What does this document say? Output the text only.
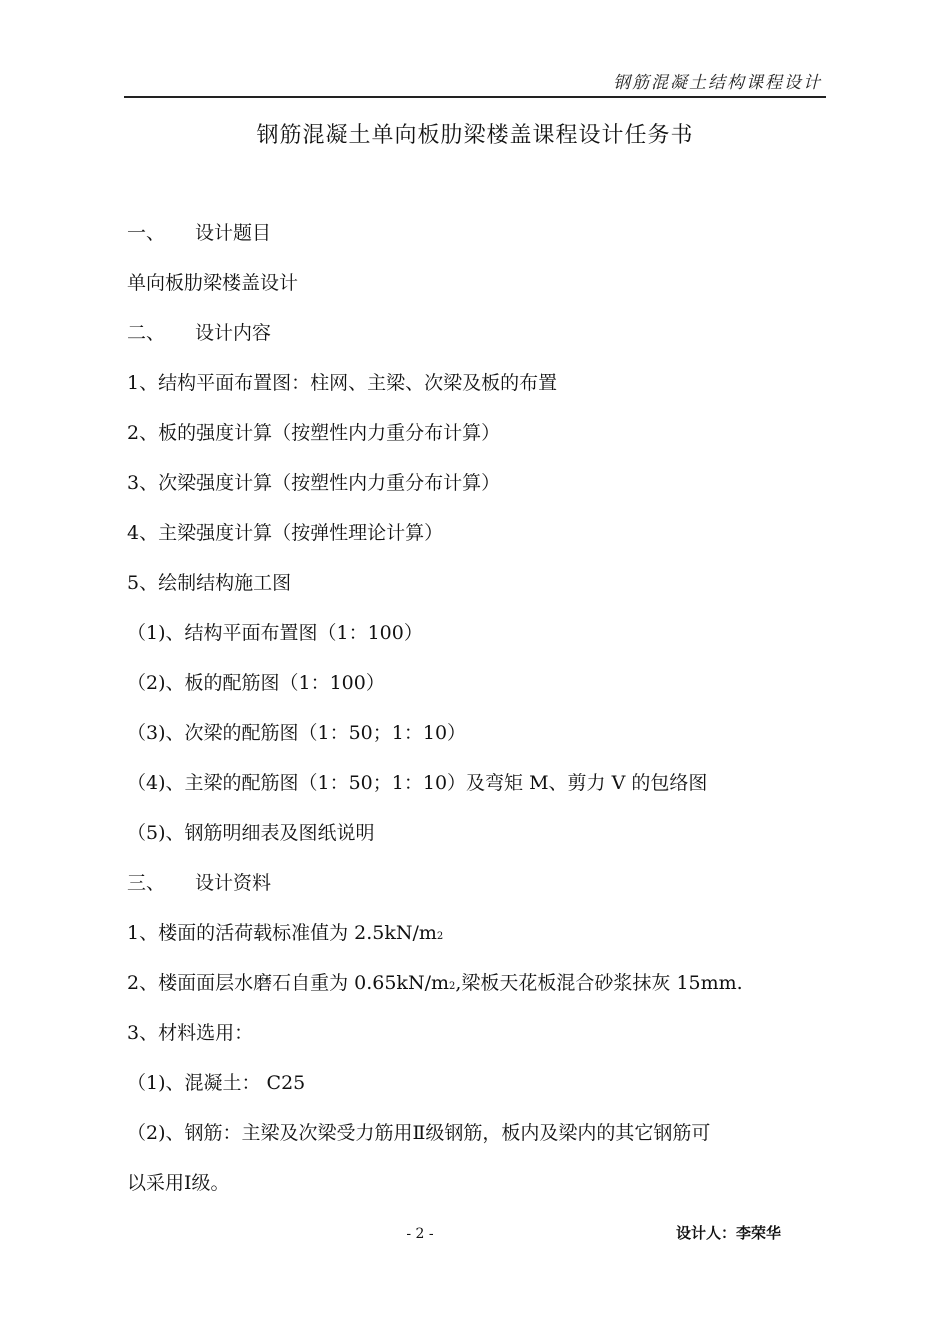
钢筋混凝土结构课程设计
钢筋混凝土单向板肋梁楼盖课程设计任务书
一、 设计题目
单向板肋梁楼盖设计
二、 设计内容
1、结构平面布置图：柱网、主梁、次梁及板的布置
2、板的强度计算（按塑性内力重分布计算）
3、次梁强度计算（按塑性内力重分布计算）
4、主梁强度计算（按弹性理论计算）
5、绘制结构施工图
（1)、结构平面布置图（1：100）
（2)、板的配筋图（1：100）
（3)、次梁的配筋图（1：50；1：10）
（4)、主梁的配筋图（1：50；1：10）及弯矩 M、剪力 V 的包络图
（5)、钢筋明细表及图纸说明
三、 设计资料
1、楼面的活荷载标准值为 2.5kN/m2
2、楼面面层水磨石自重为 0.65kN/m2,梁板天花板混合砂浆抹灰 15mm.
3、材料选用：
（1)、混凝土： C25
（2)、钢筋：主梁及次梁受力筋用Ⅱ级钢筋，板内及梁内的其它钢筋可
以采用Ⅰ级。
- 2 -	设计人：李荣华
